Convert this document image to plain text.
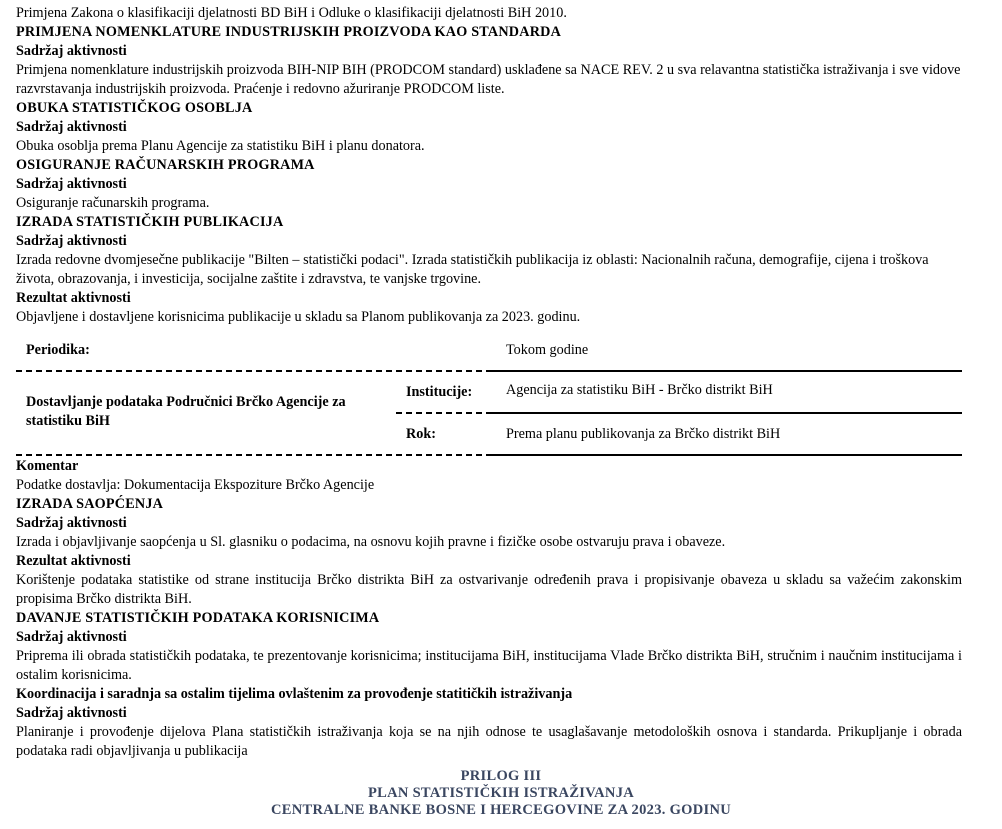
Primjena Zakona o klasifikaciji djelatnosti BD BiH i Odluke o klasifikaciji djelatnosti BiH 2010.

PRIMJENA NOMENKLATURE INDUSTRIJSKIH PROIZVODA KAO STANDARDA

Sadržaj aktivnosti

Primjena nomenklature industrijskih proizvoda BIH-NIP BIH (PRODCOM standard) usklađene sa NACE REV. 2 u sva relavantna statistička istraživanja i sve vidove razvrstavanja industrijskih proizvoda. Praćenje i redovno ažuriranje PRODCOM liste.

OBUKA STATISTIČKOG OSOBLJA

Sadržaj aktivnosti

Obuka osoblja prema Planu Agencije za statistiku BiH i planu donatora.

OSIGURANJE RAČUNARSKIH PROGRAMA

Sadržaj aktivnosti

Osiguranje računarskih programa.

IZRADA STATISTIČKIH PUBLIKACIJA

Sadržaj aktivnosti

Izrada redovne dvomjesečne publikacije "Bilten – statistički podaci". Izrada statističkih publikacija iz oblasti: Nacionalnih računa, demografije, cijena i troškova života, obrazovanja, i investicija, socijalne zaštite i zdravstva, te vanjske trgovine.

Rezultat aktivnosti

Objavljene i dostavljene korisnicima publikacije u skladu sa Planom publikovanja za 2023. godinu.

Periodika:	Tokom godine
Dostavljanje podataka Područnici Brčko Agencije za statistiku BiH
Institucije: Agencija za statistiku BiH - Brčko distrikt BiH
Rok:	Prema planu publikovanja za Brčko distrikt BiH

Komentar

Podatke dostavlja: Dokumentacija Ekspoziture Brčko Agencije

IZRADA SAOPĆENJA

Sadržaj aktivnosti

Izrada i objavljivanje saopćenja u Sl. glasniku o podacima, na osnovu kojih pravne i fizičke osobe ostvaruju prava i obaveze.

Rezultat aktivnosti

Korištenje podataka statistike od strane institucija Brčko distrikta BiH za ostvarivanje određenih prava i propisivanje obaveza u skladu sa važećim zakonskim propisima Brčko distrikta BiH.

DAVANJE STATISTIČKIH PODATAKA KORISNICIMA

Sadržaj aktivnosti

Priprema ili obrada statističkih podataka, te prezentovanje korisnicima; institucijama BiH, institucijama Vlade Brčko distrikta BiH, stručnim i naučnim institucijama i ostalim korisnicima.

Koordinacija i saradnja sa ostalim tijelima ovlaštenim za provođenje statitičkih istraživanja

Sadržaj aktivnosti

Planiranje i provođenje dijelova Plana statističkih istraživanja koja se na njih odnose te usaglašavanje metodoloških osnova i standarda. Prikupljanje i obrada podataka radi objavljivanja u publikacija

PRILOG III
PLAN STATISTIČKIH ISTRAŽIVANJA
CENTRALNE BANKE BOSNE I HERCEGOVINE ZA 2023. GODINU
